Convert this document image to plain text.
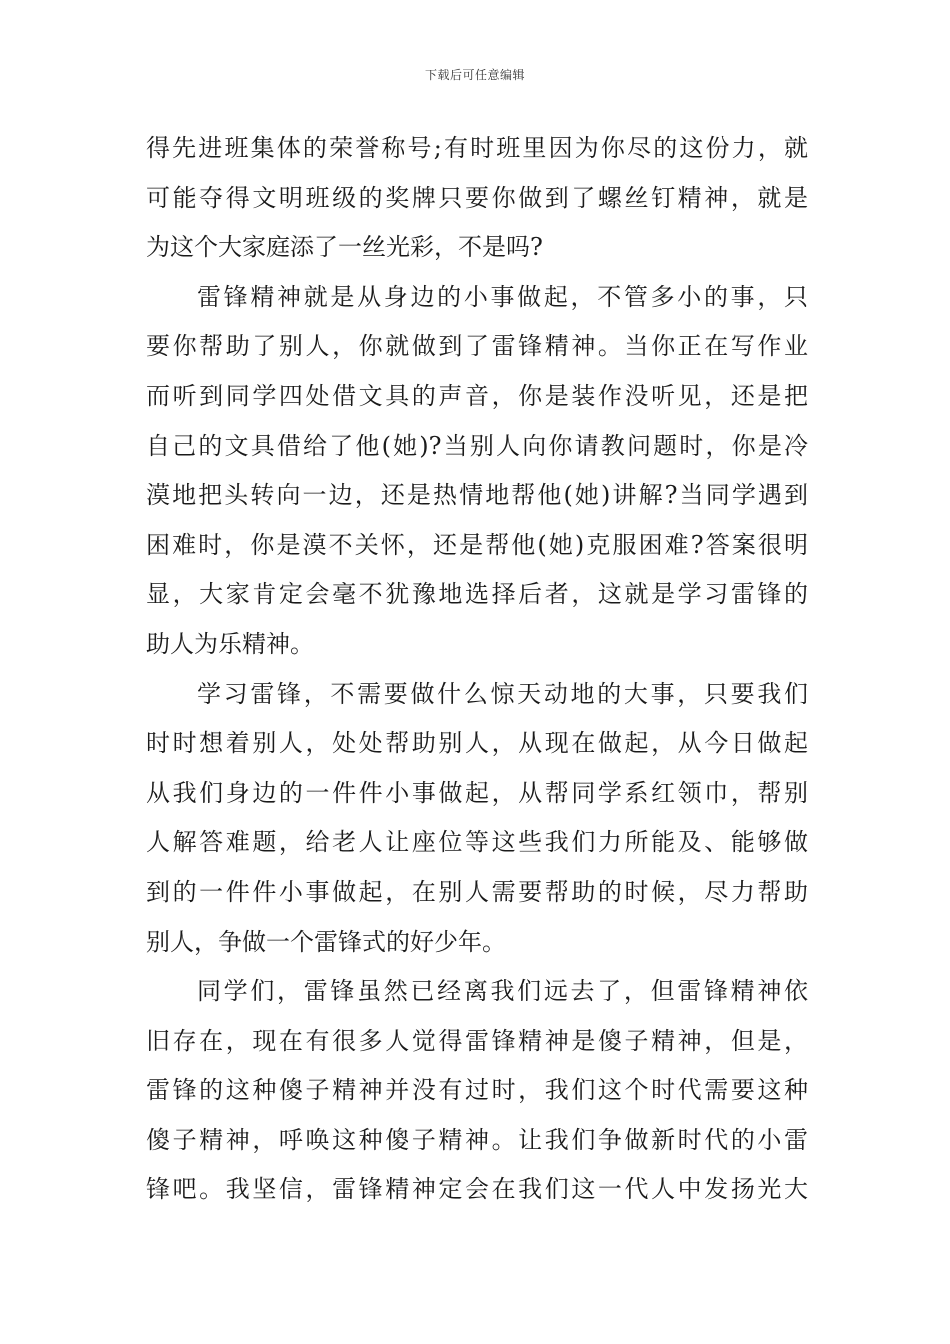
下载后可任意编辑
得先进班集体的荣誉称号;有时班里因为你尽的这份力，就
可能夺得文明班级的奖牌只要你做到了螺丝钉精神，就是
为这个大家庭添了一丝光彩，不是吗?
雷锋精神就是从身边的小事做起，不管多小的事，只
要你帮助了别人，你就做到了雷锋精神。当你正在写作业
而听到同学四处借文具的声音，你是装作没听见，还是把
自己的文具借给了他(她)?当别人向你请教问题时，你是冷
漠地把头转向一边，还是热情地帮他(她)讲解?当同学遇到
困难时，你是漠不关怀，还是帮他(她)克服困难?答案很明
显，大家肯定会毫不犹豫地选择后者，这就是学习雷锋的
助人为乐精神。
学习雷锋，不需要做什么惊天动地的大事，只要我们
时时想着别人，处处帮助别人，从现在做起，从今日做起
从我们身边的一件件小事做起，从帮同学系红领巾，帮别
人解答难题，给老人让座位等这些我们力所能及、能够做
到的一件件小事做起，在别人需要帮助的时候，尽力帮助
别人，争做一个雷锋式的好少年。
同学们，雷锋虽然已经离我们远去了，但雷锋精神依
旧存在，现在有很多人觉得雷锋精神是傻子精神，但是，
雷锋的这种傻子精神并没有过时，我们这个时代需要这种
傻子精神，呼唤这种傻子精神。让我们争做新时代的小雷
锋吧。我坚信，雷锋精神定会在我们这一代人中发扬光大
